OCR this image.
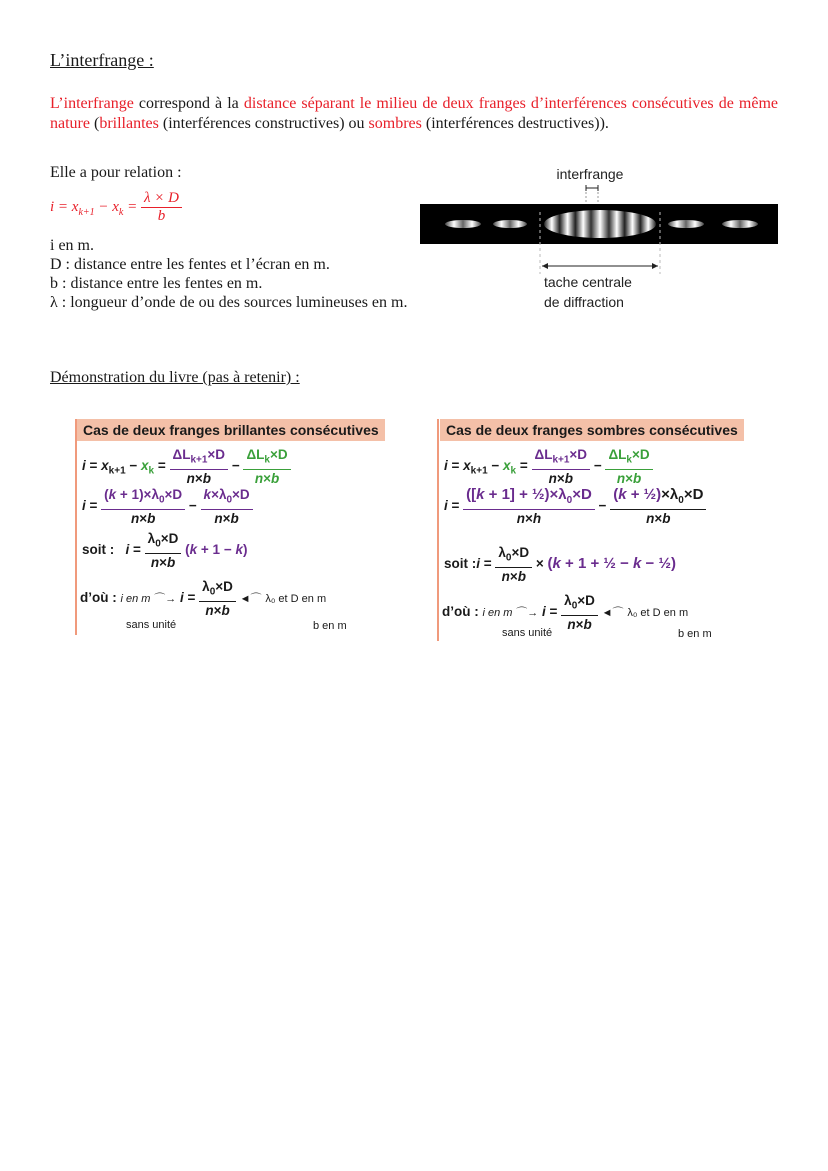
L’interfrange :
L’interfrange correspond à la distance séparant le milieu de deux franges d’interférences consécutives de même nature (brillantes (interférences constructives) ou sombres (interférences destructives)).
Elle a pour relation :
$i = x_{k+1} - x_k = \frac{\lambda \times D}{b}$
i en m.
D : distance entre les fentes et l’écran en m.
b : distance entre les fentes en m.
λ : longueur d’onde de ou des sources lumineuses en m.
interfrange
tache centrale
de diffraction
Démonstration du livre (pas à retenir) :
Cas de deux franges brillantes consécutives
$i = x_{k+1} - x_k = \frac{\Delta L_{k+1}\times D}{n\times b} - \frac{\Delta L_k\times D}{n\times b}$
$i = \frac{(k + 1)\times\lambda_0\times D}{n\times b} - \frac{k\times\lambda_0\times D}{n\times b}$
soit : $i = \frac{\lambda_0\times D}{n\times b} (k + 1 - k)$
d’où : i en m ⌒→ $i = \frac{\lambda_0\times D}{n\times b}$ ◄⌒ λ₀ et D en m
sans unité	b en m
Cas de deux franges sombres consécutives
$i = x_{k+1} - x_k = \frac{\Delta L_{k+1}\times D}{n\times b} - \frac{\Delta L_k\times D}{n\times b}$
$i = \frac{([k + 1] + \frac{1}{2})\times\lambda_0\times D}{n\times h} - \frac{(k + \frac{1}{2})\times\lambda_0\times D}{n\times b}$
soit :i = $\frac{\lambda_0\times D}{n\times b} \times (k + 1$ + ½ − k − ½)
d’où : i en m ⌒→ $i = \frac{\lambda_0\times D}{n\times b}$ ◄⌒ λ₀ et D en m
sans unité	b en m
